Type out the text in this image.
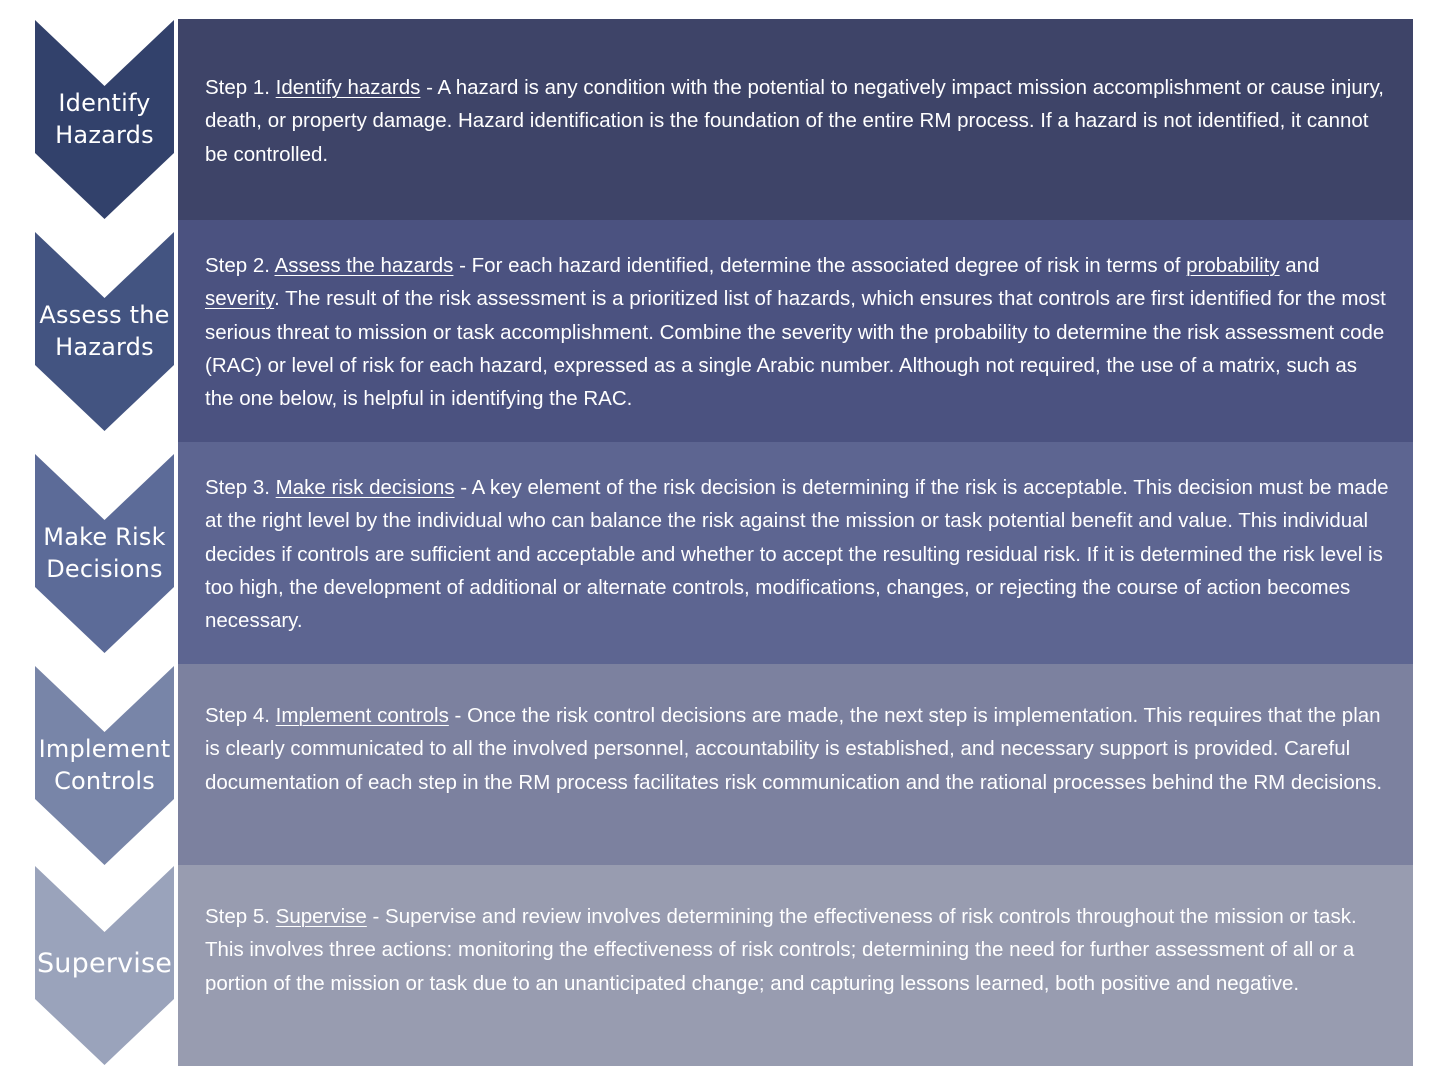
Identify
Hazards

Step 1. Identify hazards - A hazard is any condition with the potential to negatively impact mission accomplishment or cause injury, death, or property damage. Hazard identification is the foundation of the entire RM process. If a hazard is not identified, it cannot be controlled.

Assess the
Hazards

Step 2. Assess the hazards - For each hazard identified, determine the associated degree of risk in terms of probability and severity. The result of the risk assessment is a prioritized list of hazards, which ensures that controls are first identified for the most serious threat to mission or task accomplishment. Combine the severity with the probability to determine the risk assessment code (RAC) or level of risk for each hazard, expressed as a single Arabic number. Although not required, the use of a matrix, such as the one below, is helpful in identifying the RAC.

Make Risk
Decisions

Step 3. Make risk decisions - A key element of the risk decision is determining if the risk is acceptable. This decision must be made at the right level by the individual who can balance the risk against the mission or task potential benefit and value. This individual decides if controls are sufficient and acceptable and whether to accept the resulting residual risk. If it is determined the risk level is too high, the development of additional or alternate controls, modifications, changes, or rejecting the course of action becomes necessary.

Implement
Controls

Step 4. Implement controls - Once the risk control decisions are made, the next step is implementation. This requires that the plan is clearly communicated to all the involved personnel, accountability is established, and necessary support is provided. Careful documentation of each step in the RM process facilitates risk communication and the rational processes behind the RM decisions.

Supervise

Step 5. Supervise - Supervise and review involves determining the effectiveness of risk controls throughout the mission or task. This involves three actions: monitoring the effectiveness of risk controls; determining the need for further assessment of all or a portion of the mission or task due to an unanticipated change; and capturing lessons learned, both positive and negative.
